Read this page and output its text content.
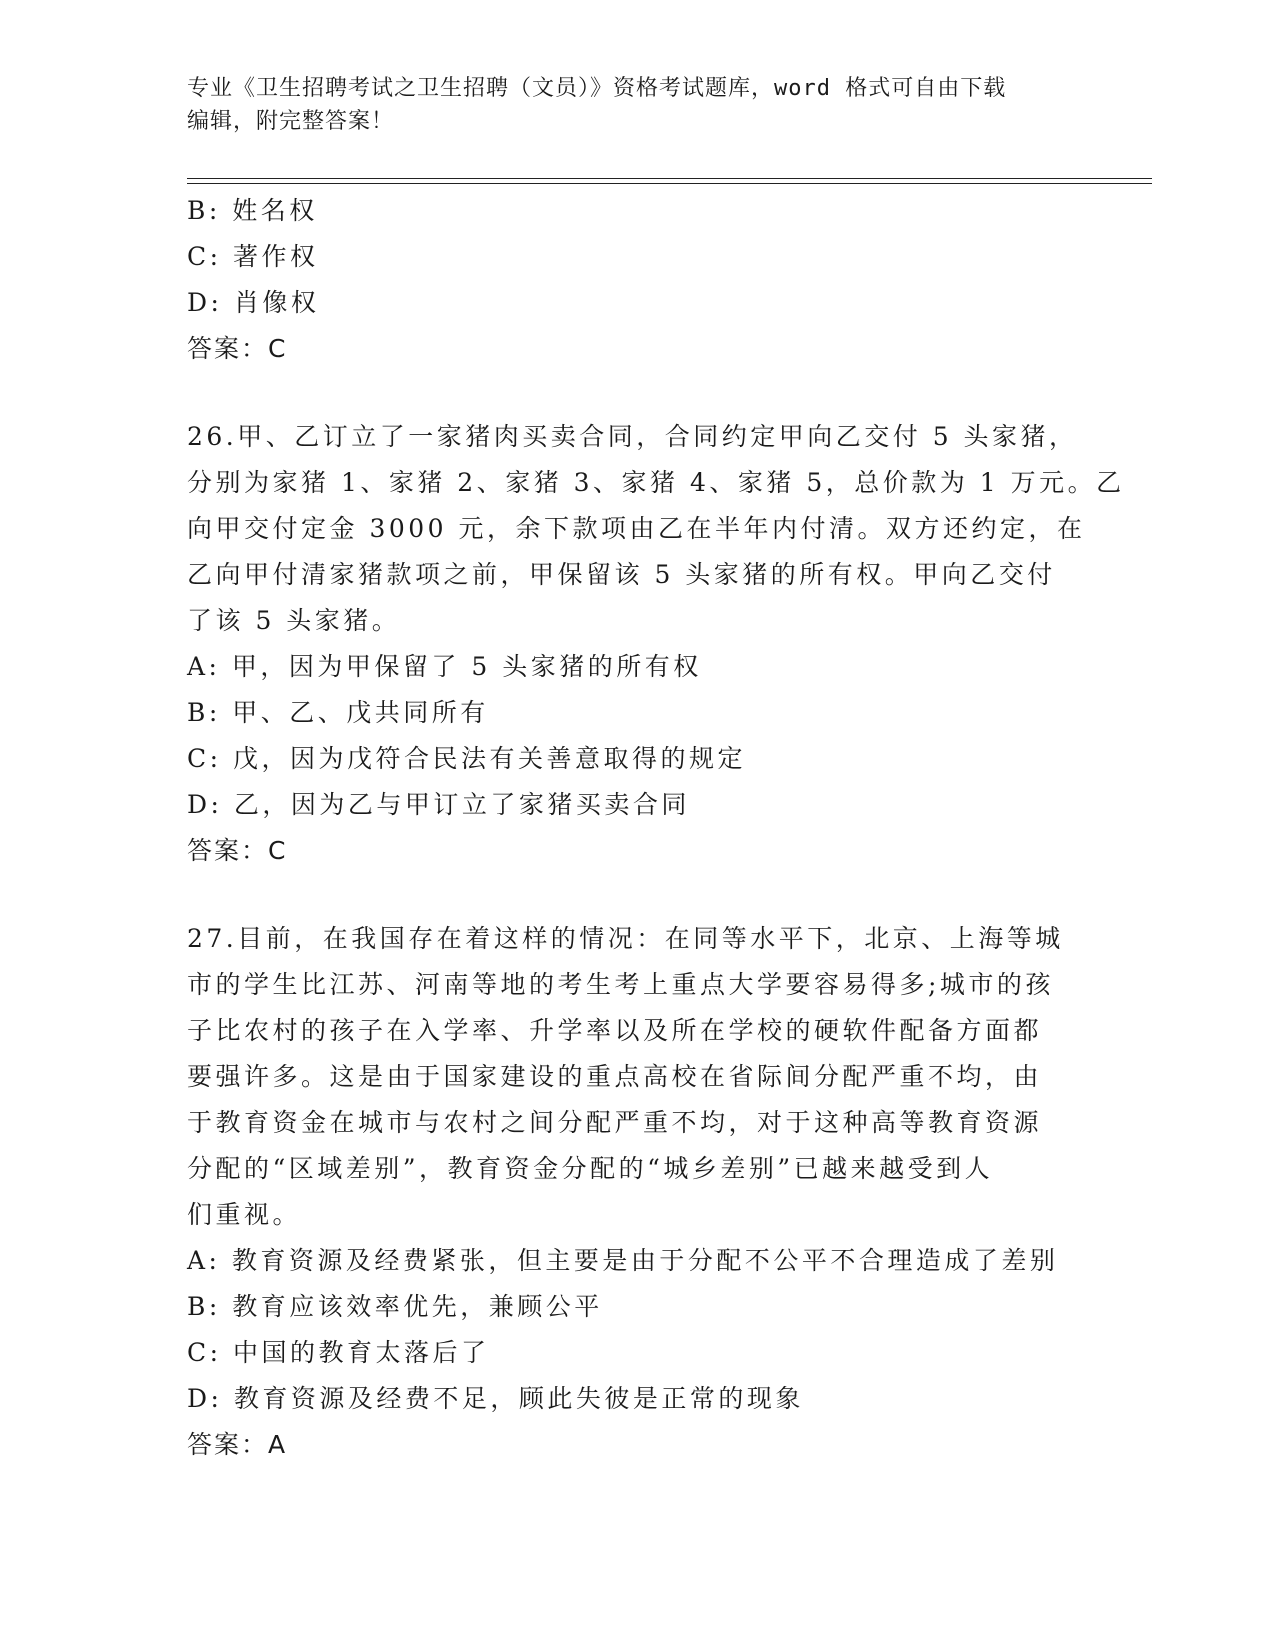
专业《卫生招聘考试之卫生招聘（文员）》资格考试题库，word 格式可自由下载
编辑，附完整答案！
B: 姓名权
C: 著作权
D: 肖像权
答案：C
26.甲、乙订立了一家猪肉买卖合同，合同约定甲向乙交付 5 头家猪，
分别为家猪 1、家猪 2、家猪 3、家猪 4、家猪 5，总价款为 1 万元。乙
向甲交付定金 3000 元，余下款项由乙在半年内付清。双方还约定，在
乙向甲付清家猪款项之前，甲保留该 5 头家猪的所有权。甲向乙交付
了该 5 头家猪。
A: 甲，因为甲保留了 5 头家猪的所有权
B: 甲、乙、戊共同所有
C: 戊，因为戊符合民法有关善意取得的规定
D: 乙，因为乙与甲订立了家猪买卖合同
答案：C
27.目前，在我国存在着这样的情况：在同等水平下，北京、上海等城
市的学生比江苏、河南等地的考生考上重点大学要容易得多;城市的孩
子比农村的孩子在入学率、升学率以及所在学校的硬软件配备方面都
要强许多。这是由于国家建设的重点高校在省际间分配严重不均，由
于教育资金在城市与农村之间分配严重不均，对于这种高等教育资源
分配的“区域差别”，教育资金分配的“城乡差别”已越来越受到人
们重视。
A: 教育资源及经费紧张，但主要是由于分配不公平不合理造成了差别
B: 教育应该效率优先，兼顾公平
C: 中国的教育太落后了
D: 教育资源及经费不足，顾此失彼是正常的现象
答案：A
